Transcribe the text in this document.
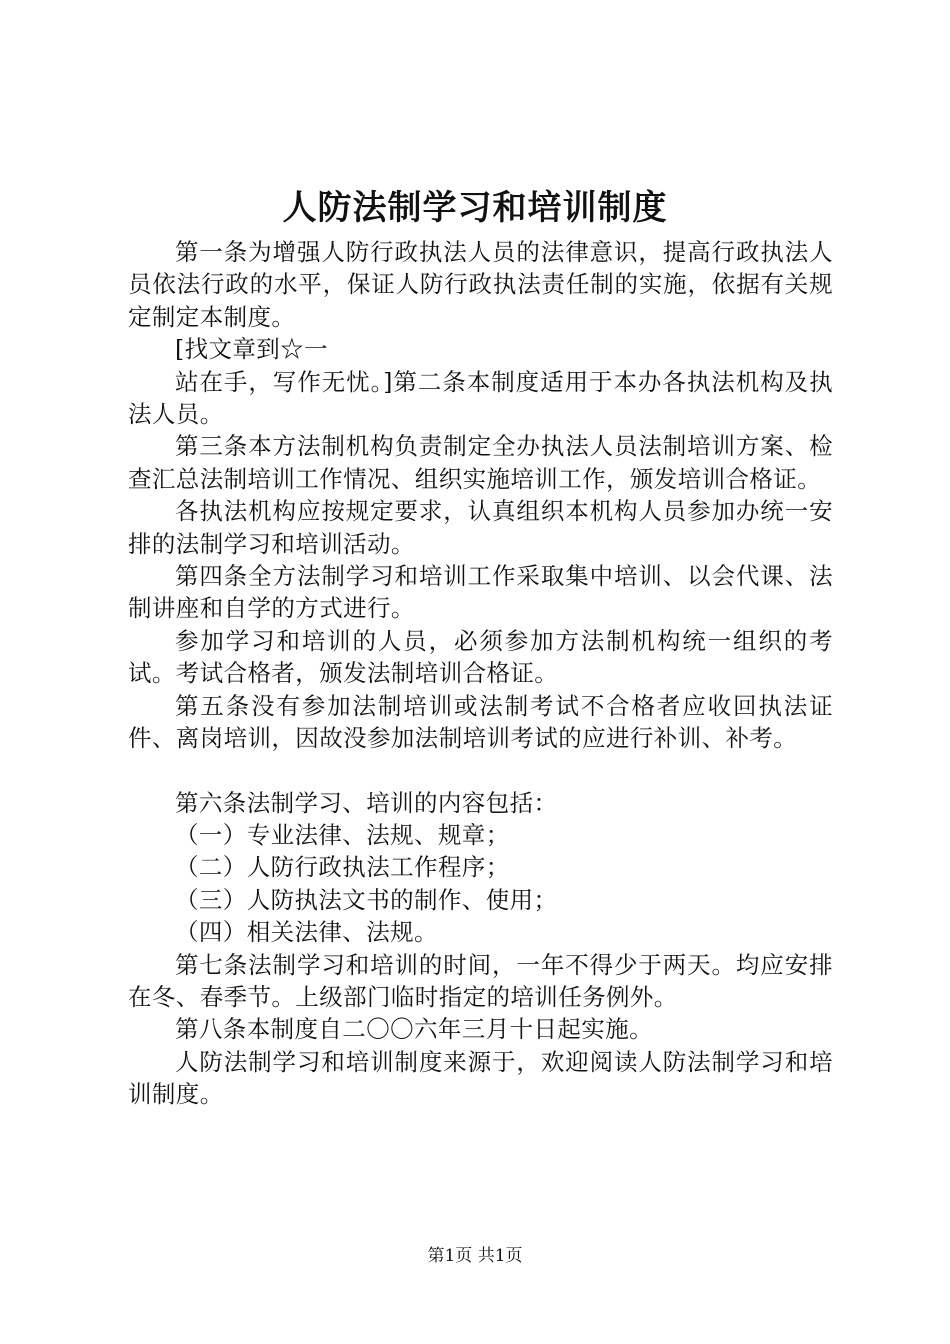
人防法制学习和培训制度

第一条为增强人防行政执法人员的法律意识，提高行政执法人员依法行政的水平，保证人防行政执法责任制的实施，依据有关规定制定本制度。

[找文章到☆一

站在手，写作无忧。]第二条本制度适用于本办各执法机构及执法人员。

第三条本方法制机构负责制定全办执法人员法制培训方案、检查汇总法制培训工作情况、组织实施培训工作，颁发培训合格证。

各执法机构应按规定要求，认真组织本机构人员参加办统一安排的法制学习和培训活动。

第四条全方法制学习和培训工作采取集中培训、以会代课、法制讲座和自学的方式进行。

参加学习和培训的人员，必须参加方法制机构统一组织的考试。考试合格者，颁发法制培训合格证。

第五条没有参加法制培训或法制考试不合格者应收回执法证件、离岗培训，因故没参加法制培训考试的应进行补训、补考。

第六条法制学习、培训的内容包括：

（一）专业法律、法规、规章；

（二）人防行政执法工作程序；

（三）人防执法文书的制作、使用；

（四）相关法律、法规。

第七条法制学习和培训的时间，一年不得少于两天。均应安排在冬、春季节。上级部门临时指定的培训任务例外。

第八条本制度自二〇〇六年三月十日起实施。

人防法制学习和培训制度来源于，欢迎阅读人防法制学习和培训制度。

第1页 共1页
